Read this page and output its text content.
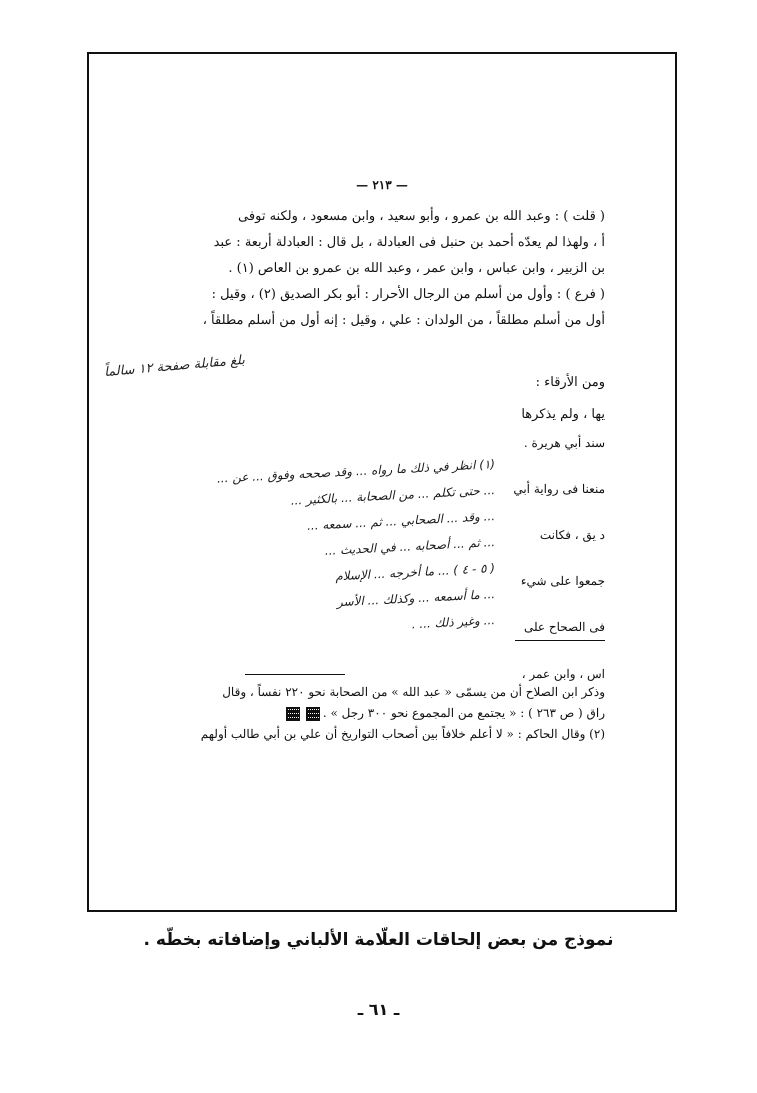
— ٢١٣ —
( قلت ) : وعبد الله بن عمرو ، وأبو سعيد ، وابن مسعود ، ولكنه توفى
أ ، ولهذا لم يعدّه أحمد بن حنبل فى العبادلة ، بل قال : العبادلة أربعة : عبد
بن الزبير ، وابن عباس ، وابن عمر ، وعبد الله بن عمرو بن العاص (١) .
( فرع ) : وأول من أسلم من الرجال الأحرار : أبو بكر الصديق (٢) ، وقيل :
أول من أسلم مطلقاً ، من الولدان : علي ، وقيل : إنه أول من أسلم مطلقاً ،
ومن الأرقاء :
يها ، ولم يذكرها
بلغ مقابلة صفحة ١٢ سالماً
سند أبي هريرة .
منعنا فى رواية أبي
د يق ، فكانت
جمعوا على شيء
فى الصحاح على
اس ، وابن عمر ،
(١) انظر في ذلك ما رواه ... وقد صححه وفوق ... عن ...
... حتى تكلم ... من الصحابة ... بالكثير ...
... وقد ... الصحابي ... ثم ... سمعه ...
... ثم ... أصحابه ... في الحديث ...
( ٥ - ٤ ) ... ما أخرجه ... الإسلام
... ما أسمعه ... وكذلك ... الأسر
... وغير ذلك ... .
وذكر ابن الصلاح أن من يسمّى « عبد الله » من الصحابة نحو ٢٢٠ نفساً ، وقال
راق ( ص ٢٦٣ ) : « يجتمع من المجموع نحو ٣٠٠ رجل » .
(٢) وقال الحاكم : « لا أعلم خلافاً بين أصحاب التواريخ أن علي بن أبي طالب أولهم
نموذج من بعض إلحاقات العلّامة الألباني وإضافاته بخطّه .
ـ ٦١ ـ
